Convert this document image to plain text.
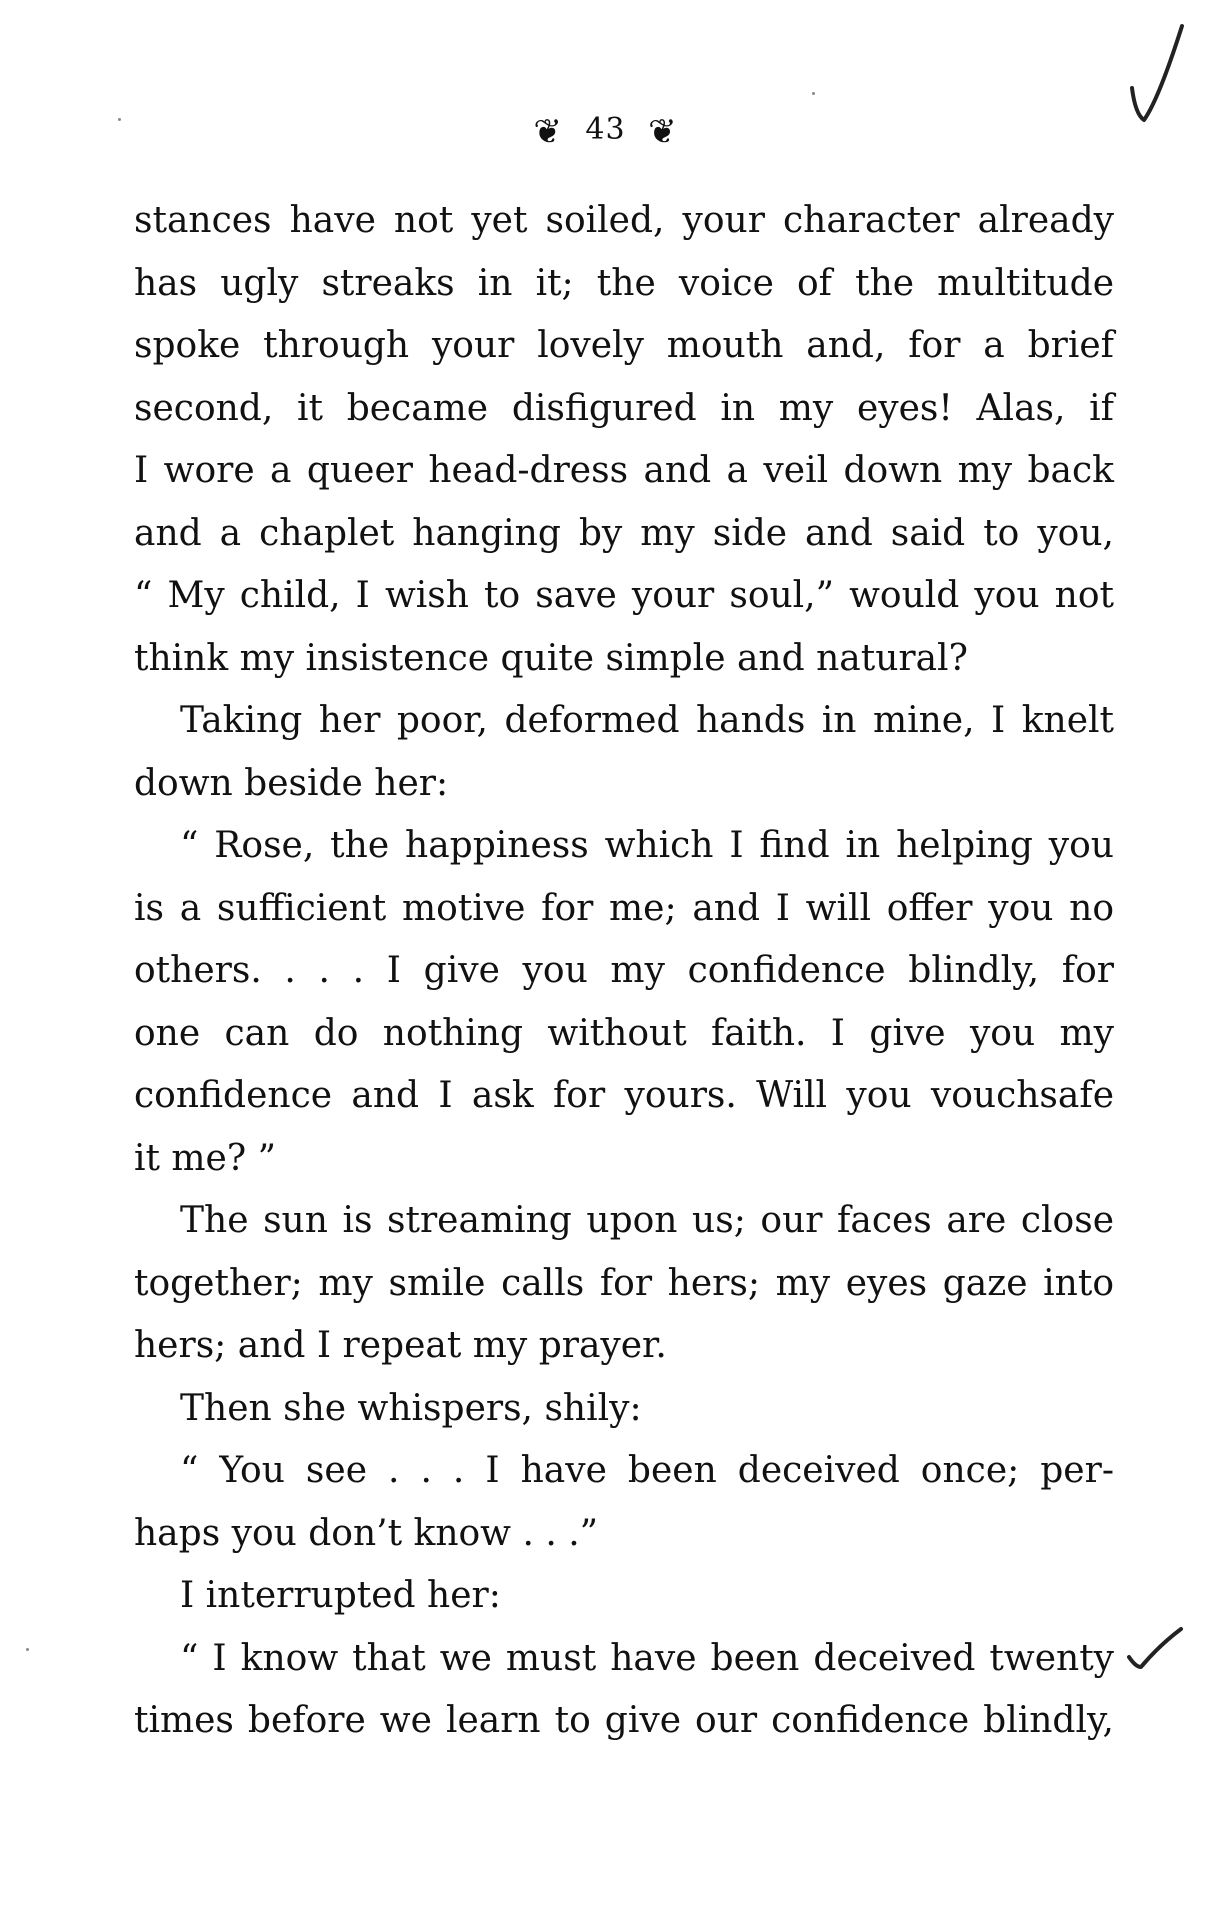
❦ 43 ❦
stances have not yet soiled, your character already
has ugly streaks in it; the voice of the multitude
spoke through your lovely mouth and, for a brief
second, it became disfigured in my eyes! Alas, if
I wore a queer head-dress and a veil down my back
and a chaplet hanging by my side and said to you,
“ My child, I wish to save your soul,” would you not
think my insistence quite simple and natural?
Taking her poor, deformed hands in mine, I knelt
down beside her:
“ Rose, the happiness which I find in helping you
is a sufficient motive for me; and I will offer you no
others. . . . I give you my confidence blindly, for
one can do nothing without faith. I give you my
confidence and I ask for yours. Will you vouchsafe
it me? ”
The sun is streaming upon us; our faces are close
together; my smile calls for hers; my eyes gaze into
hers; and I repeat my prayer.
Then she whispers, shily:
“ You see . . . I have been deceived once; per-
haps you don’t know . . .”
I interrupted her:
“ I know that we must have been deceived twenty
times before we learn to give our confidence blindly,
